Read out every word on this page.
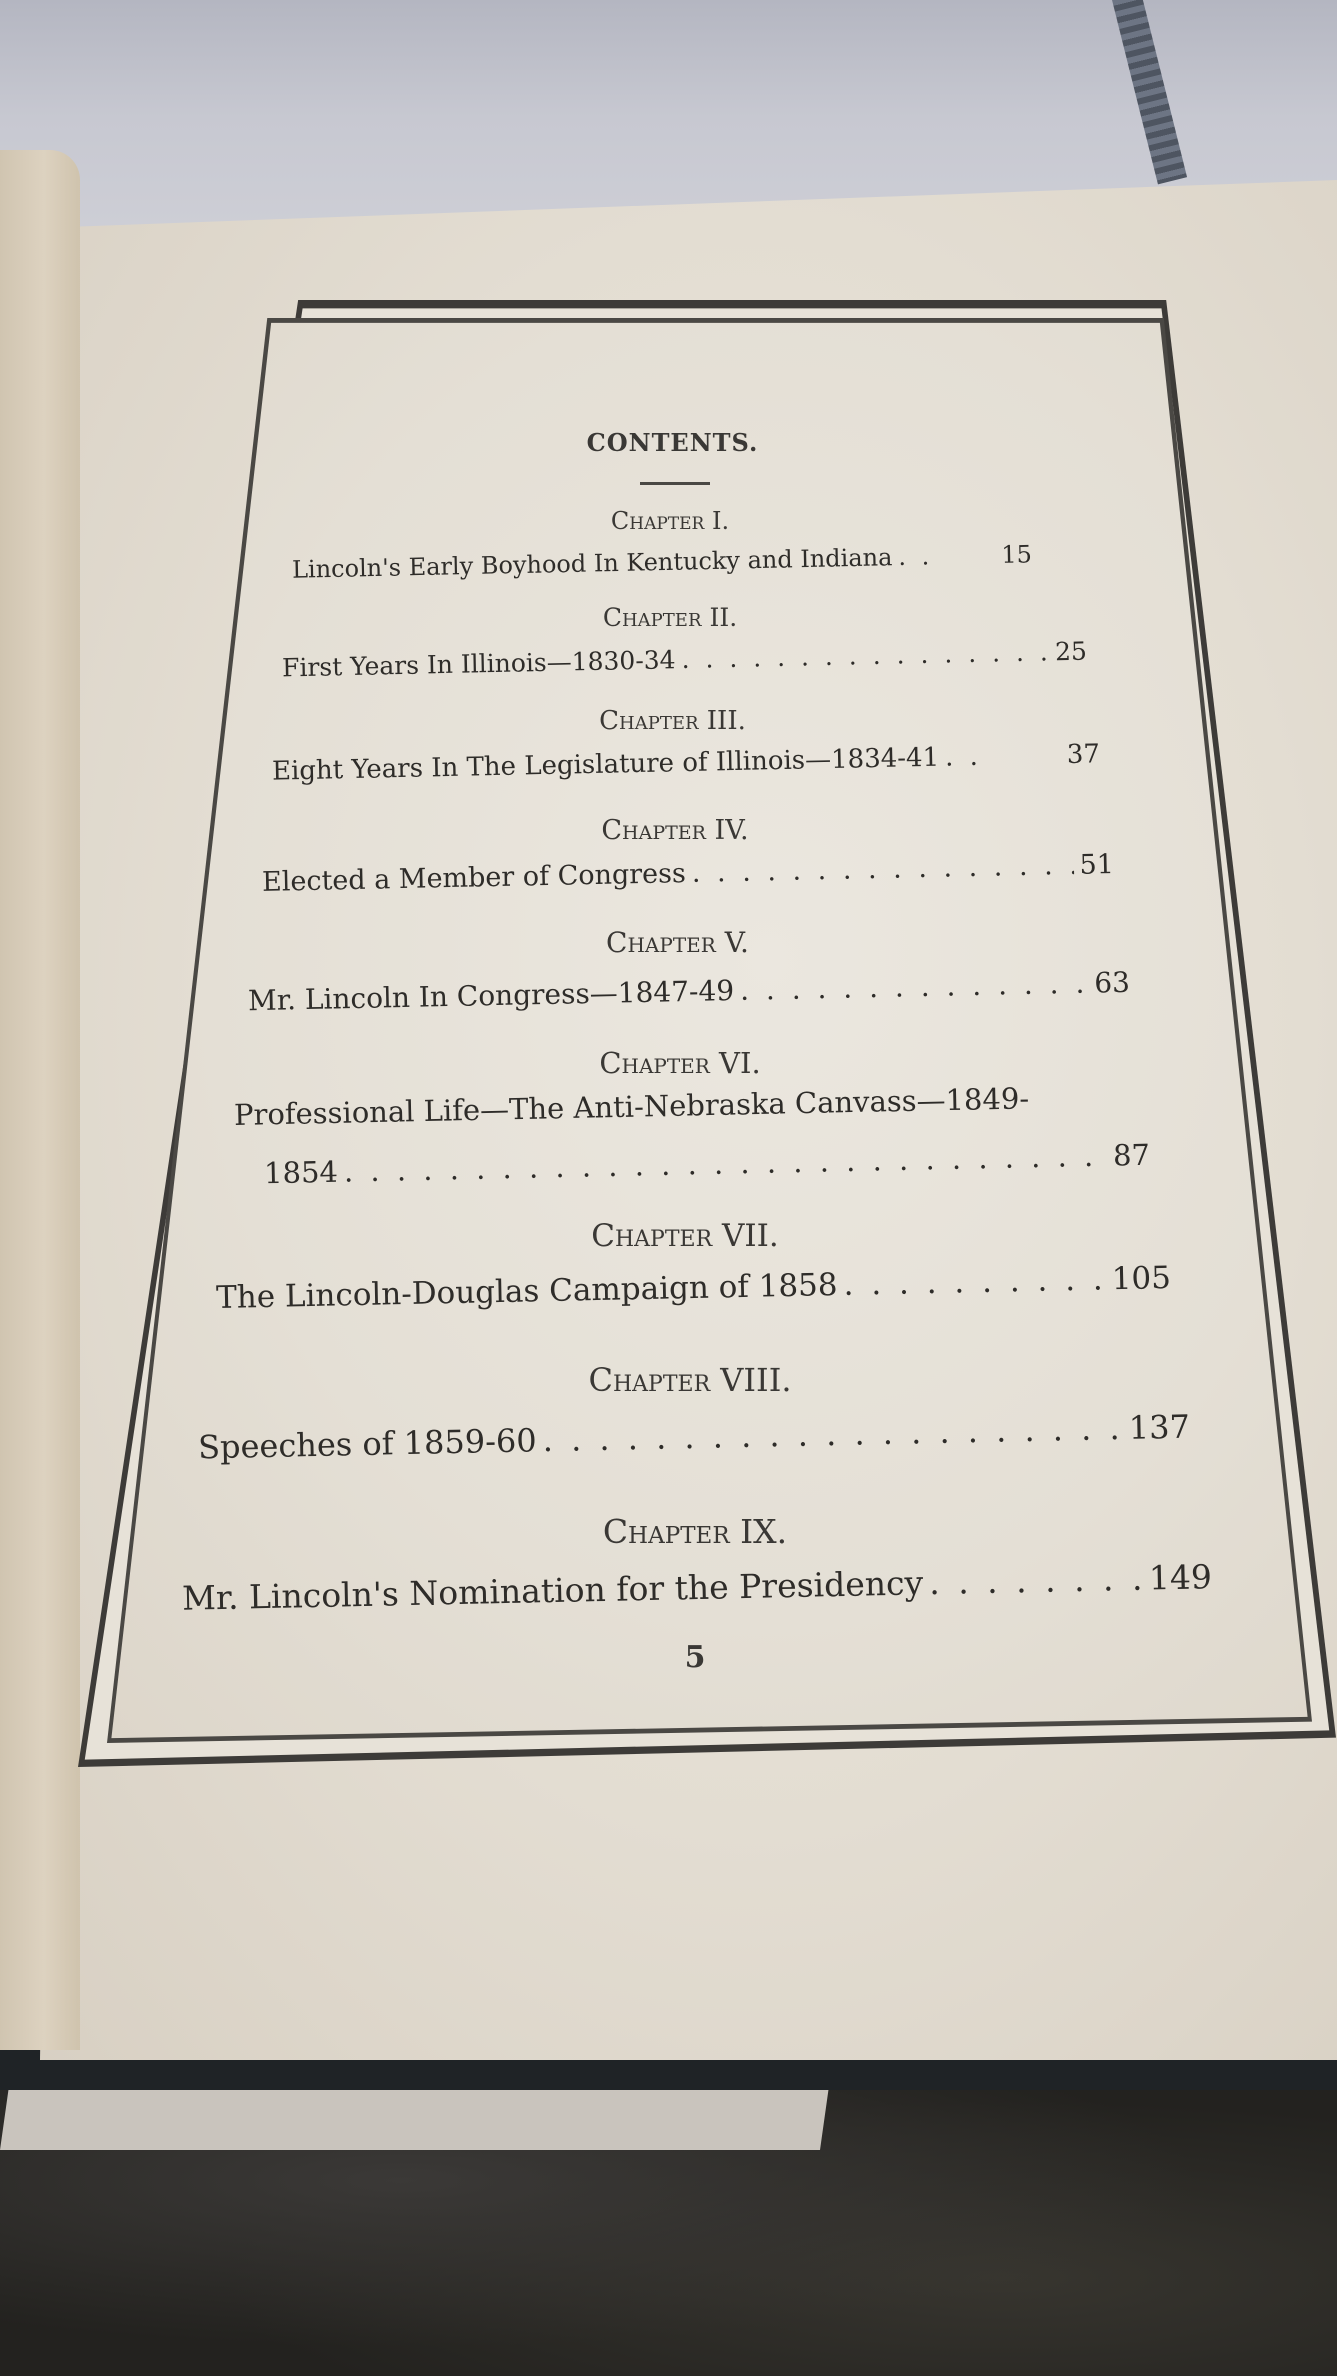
CONTENTS.
Chapter I.
Lincoln's Early Boyhood In Kentucky and Indiana . .	15
Chapter II.
First Years In Illinois—1830-34 . . .	25
Chapter III.
Eight Years In The Legislature of Illinois—1834-41 . .	37
Chapter IV.
Elected a Member of Congress . . .	51
Chapter V.
Mr. Lincoln In Congress—1847-49 . . .	63
Chapter VI.
Professional Life—The Anti-Nebraska Canvass—1849-
1854 . . .	87
Chapter VII.
The Lincoln-Douglas Campaign of 1858 . . .	105
Chapter VIII.
Speeches of 1859-60 . . .	137
Chapter IX.
Mr. Lincoln's Nomination for the Presidency . . .	149
5
